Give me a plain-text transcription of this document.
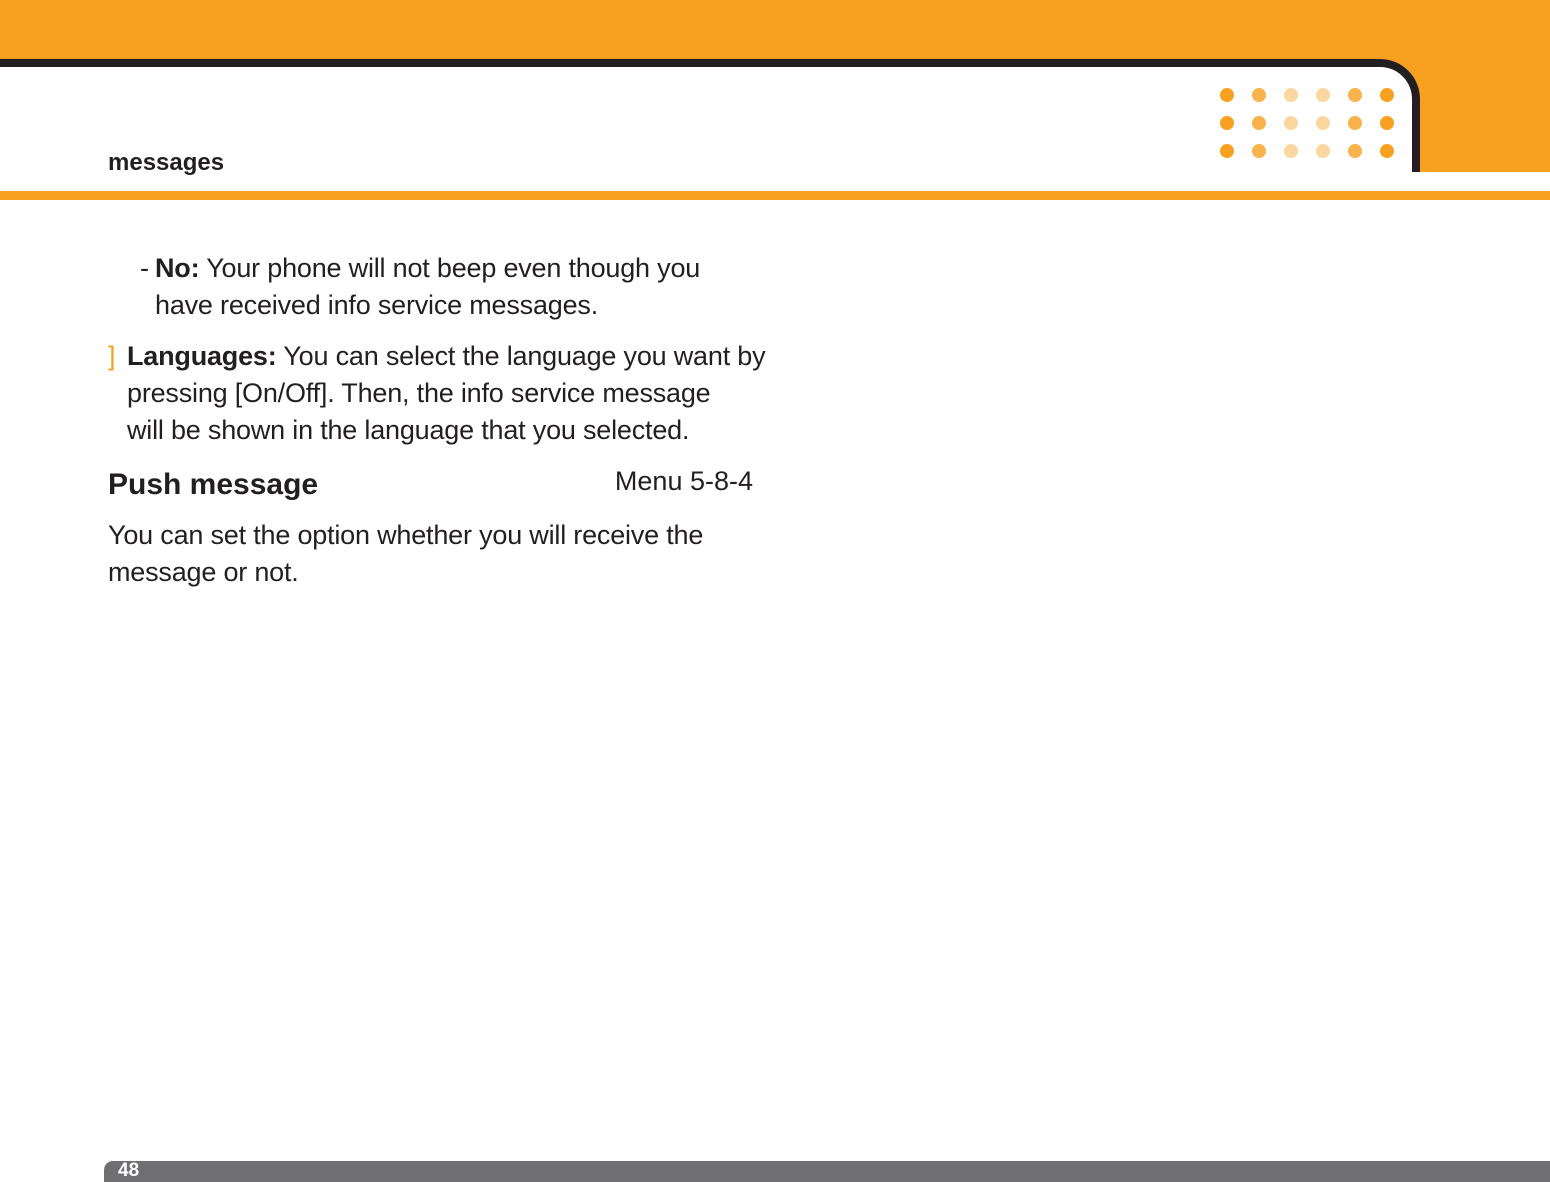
messages
- No: Your phone will not beep even though you
have received info service messages.
] Languages: You can select the language you want by
pressing [On/Off]. Then, the info service message
will be shown in the language that you selected.
Push message	Menu 5-8-4
You can set the option whether you will receive the
message or not.
48
